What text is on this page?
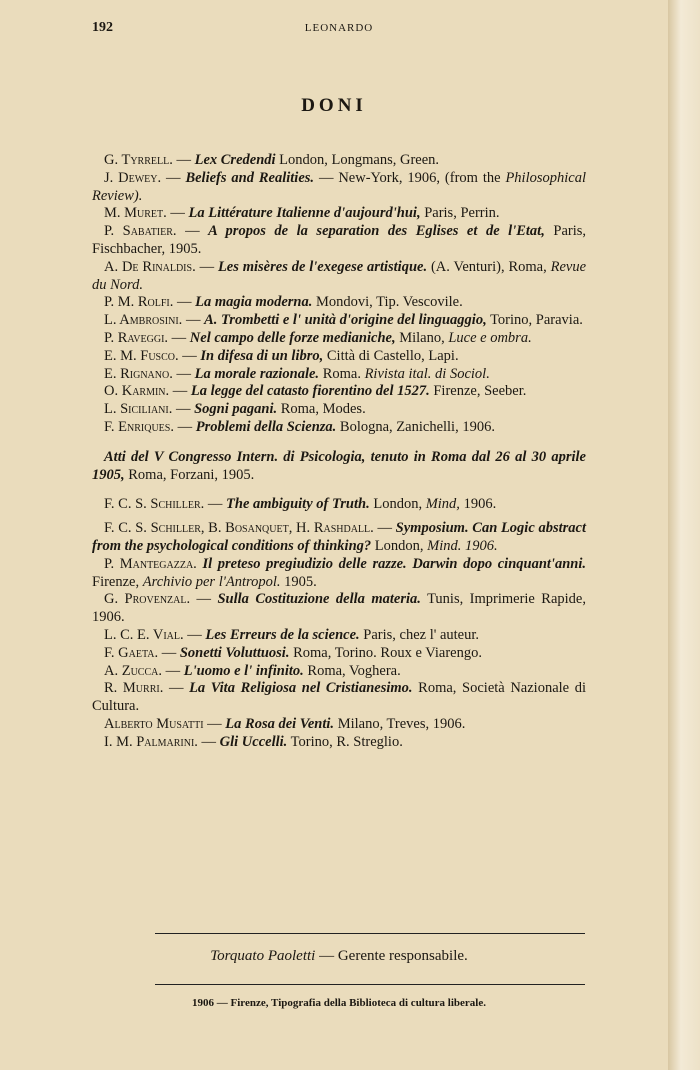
192	LEONARDO
DONI

G. Tyrrell. — Lex Credendi London, Longmans, Green.

J. Dewey. — Beliefs and Realities. — New-York, 1906, (from the Philosophical Review).

M. Muret. — La Littérature Italienne d'aujourd'hui, Paris, Perrin.

P. Sabatier. — A propos de la separation des Eglises et de l'Etat, Paris, Fischbacher, 1905.

A. De Rinaldis. — Les misères de l'exegese artistique. (A. Venturi), Roma, Revue du Nord.

P. M. Rolfi. — La magia moderna. Mondovi, Tip. Vescovile.

L. Ambrosini. — A. Trombetti e l' unità d'origine del linguaggio, Torino, Paravia.

P. Raveggi. — Nel campo delle forze medianiche, Milano, Luce e ombra.

E. M. Fusco. — In difesa di un libro, Città di Castello, Lapi.

E. Rignano. — La morale razionale. Roma. Rivista ital. di Sociol.

O. Karmin. — La legge del catasto fiorentino del 1527. Firenze, Seeber.

L. Siciliani. — Sogni pagani. Roma, Modes.

F. Enriques. — Problemi della Scienza. Bologna, Zanichelli, 1906.

Atti del V Congresso Intern. di Psicologia, tenuto in Roma dal 26 al 30 aprile 1905, Roma, Forzani, 1905.

F. C. S. Schiller. — The ambiguity of Truth. London, Mind, 1906.

F. C. S. Schiller, B. Bosanquet, H. Rashdall. — Symposium. Can Logic abstract from the psychological conditions of thinking? London, Mind. 1906.

P. Mantegazza. Il preteso pregiudizio delle razze. Darwin dopo cinquant'anni. Firenze, Archivio per l'Antropol. 1905.

G. Provenzal. — Sulla Costituzione della materia. Tunis, Imprimerie Rapide, 1906.

L. C. E. Vial. — Les Erreurs de la science. Paris, chez l' auteur.

F. Gaeta. — Sonetti Voluttuosi. Roma, Torino. Roux e Viarengo.

A. Zucca. — L'uomo e l' infinito. Roma, Voghera.

R. Murri. — La Vita Religiosa nel Cristianesimo. Roma, Società Nazionale di Cultura.

Alberto Musatti — La Rosa dei Venti. Milano, Treves, 1906.

I. M. Palmarini. — Gli Uccelli. Torino, R. Streglio.

Torquato Paoletti — Gerente responsabile.
1906 — Firenze, Tipografia della Biblioteca di cultura liberale.
